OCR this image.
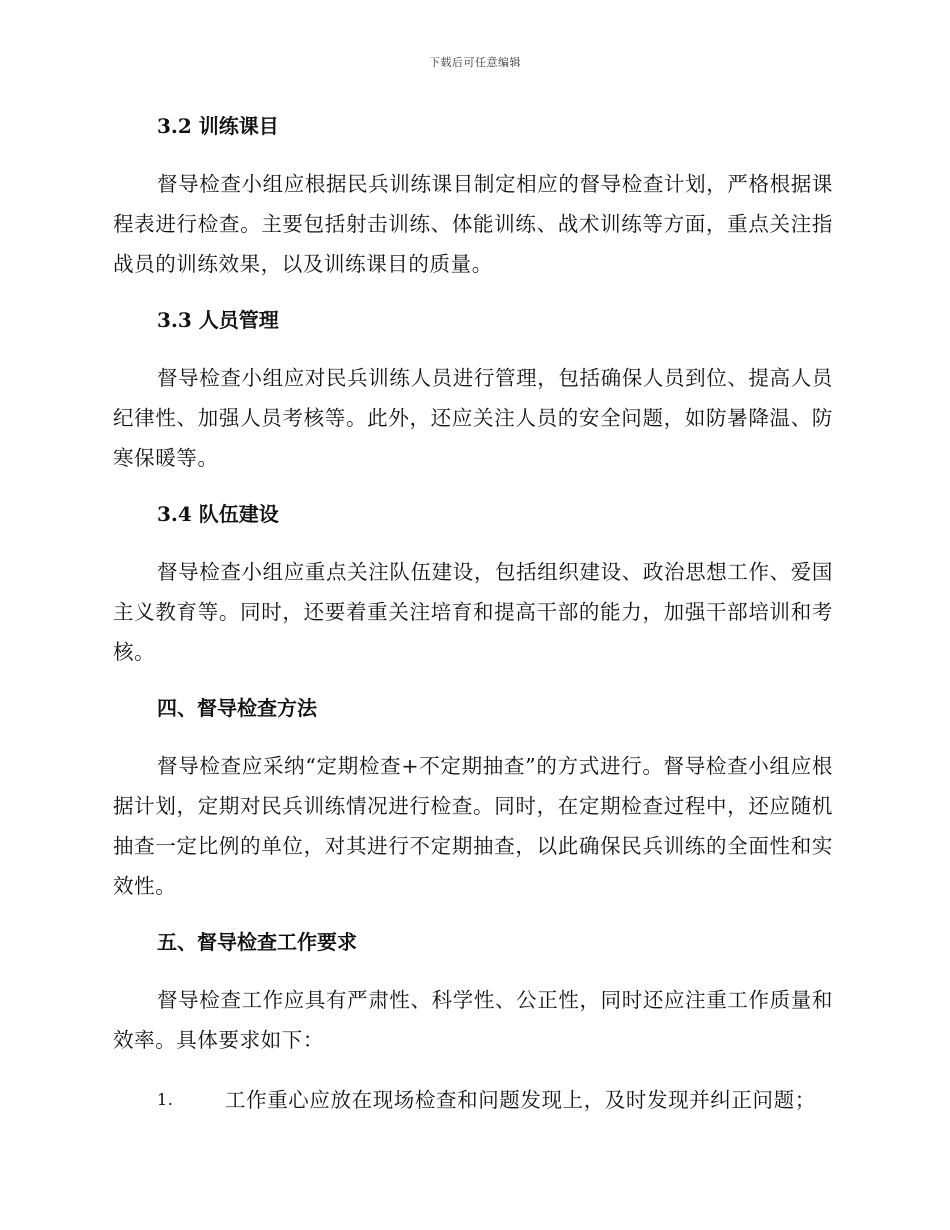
下载后可任意编辑
3.2 训练课目

督导检查小组应根据民兵训练课目制定相应的督导检查计划，严格根据课程表进行检查。主要包括射击训练、体能训练、战术训练等方面，重点关注指战员的训练效果，以及训练课目的质量。

3.3 人员管理

督导检查小组应对民兵训练人员进行管理，包括确保人员到位、提高人员纪律性、加强人员考核等。此外，还应关注人员的安全问题，如防暑降温、防寒保暖等。

3.4 队伍建设

督导检查小组应重点关注队伍建设，包括组织建设、政治思想工作、爱国主义教育等。同时，还要着重关注培育和提高干部的能力，加强干部培训和考核。

四、督导检查方法

督导检查应采纳“定期检查+不定期抽查”的方式进行。督导检查小组应根据计划，定期对民兵训练情况进行检查。同时，在定期检查过程中，还应随机抽查一定比例的单位，对其进行不定期抽查，以此确保民兵训练的全面性和实效性。

五、督导检查工作要求

督导检查工作应具有严肃性、科学性、公正性，同时还应注重工作质量和效率。具体要求如下：

1.	工作重心应放在现场检查和问题发现上，及时发现并纠正问题；
